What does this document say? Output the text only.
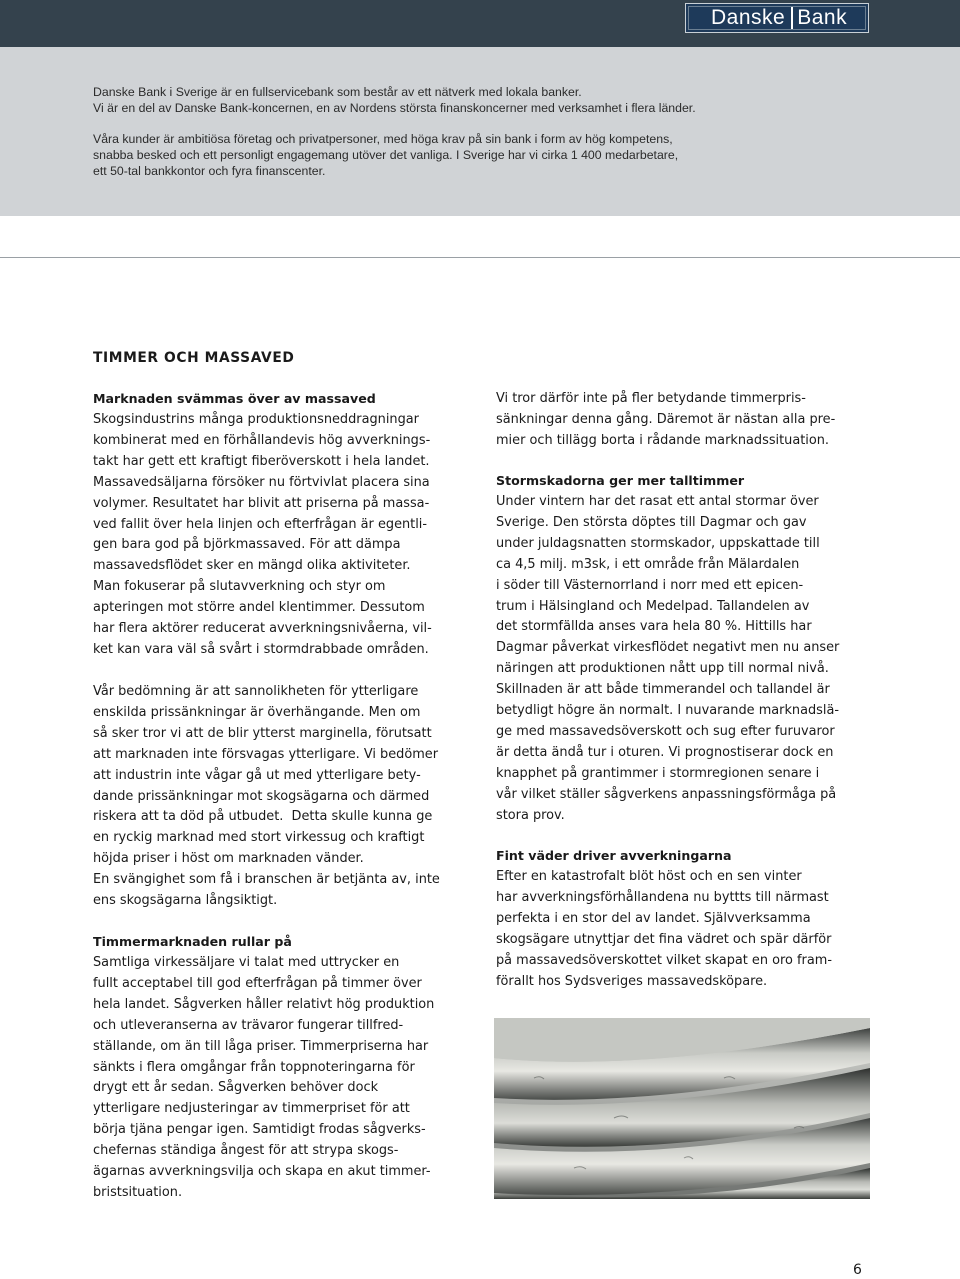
Danske Bank

Danske Bank i Sverige är en fullservicebank som består av ett nätverk med lokala banker.
Vi är en del av Danske Bank-koncernen, en av Nordens största finanskoncerner med verksamhet i flera länder.

Våra kunder är ambitiösa företag och privatpersoner, med höga krav på sin bank i form av hög kompetens,
snabba besked och ett personligt engagemang utöver det vanliga. I Sverige har vi cirka 1 400 medarbetare,
ett 50-tal bankkontor och fyra finanscenter.

TIMMER OCH MASSAVED
Marknaden svämmas över av massaved
Skogsindustrins många produktionsneddragningar
kombinerat med en förhållandevis hög avverknings-
takt har gett ett kraftigt fiberöverskott i hela landet.
Massavedsäljarna försöker nu förtvivlat placera sina
volymer. Resultatet har blivit att priserna på massa-
ved fallit över hela linjen och efterfrågan är egentli-
gen bara god på björkmassaved. För att dämpa
massavedsflödet sker en mängd olika aktiviteter.
Man fokuserar på slutavverkning och styr om
apteringen mot större andel klentimmer. Dessutom
har flera aktörer reducerat avverkningsnivåerna, vil-
ket kan vara väl så svårt i stormdrabbade områden.
Vår bedömning är att sannolikheten för ytterligare
enskilda prissänkningar är överhängande. Men om
så sker tror vi att de blir ytterst marginella, förutsatt
att marknaden inte försvagas ytterligare. Vi bedömer
att industrin inte vågar gå ut med ytterligare bety-
dande prissänkningar mot skogsägarna och därmed
riskera att ta död på utbudet.  Detta skulle kunna ge
en ryckig marknad med stort virkessug och kraftigt
höjda priser i höst om marknaden vänder.
En svängighet som få i branschen är betjänta av, inte
ens skogsägarna långsiktigt.
Timmermarknaden rullar på
Samtliga virkessäljare vi talat med uttrycker en
fullt acceptabel till god efterfrågan på timmer över
hela landet. Sågverken håller relativt hög produktion
och utleveranserna av trävaror fungerar tillfred-
ställande, om än till låga priser. Timmerpriserna har
sänkts i flera omgångar från toppnoteringarna för
drygt ett år sedan. Sågverken behöver dock
ytterligare nedjusteringar av timmerpriset för att
börja tjäna pengar igen. Samtidigt frodas sågverks-
chefernas ständiga ångest för att strypa skogs-
ägarnas avverkningsvilja och skapa en akut timmer-
bristsituation.
Vi tror därför inte på fler betydande timmerpris-
sänkningar denna gång. Däremot är nästan alla pre-
mier och tillägg borta i rådande marknadssituation.
Stormskadorna ger mer talltimmer
Under vintern har det rasat ett antal stormar över
Sverige. Den största döptes till Dagmar och gav
under juldagsnatten stormskador, uppskattade till
ca 4,5 milj. m3sk, i ett område från Mälardalen
i söder till Västernorrland i norr med ett epicen-
trum i Hälsingland och Medelpad. Tallandelen av
det stormfällda anses vara hela 80 %. Hittills har
Dagmar påverkat virkesflödet negativt men nu anser
näringen att produktionen nått upp till normal nivå.
Skillnaden är att både timmerandel och tallandel är
betydligt högre än normalt. I nuvarande marknadslä-
ge med massavedsöverskott och sug efter furuvaror
är detta ändå tur i oturen. Vi prognostiserar dock en
knapphet på grantimmer i stormregionen senare i
vår vilket ställer sågverkens anpassningsförmåga på
stora prov.
Fint väder driver avverkningarna
Efter en katastrofalt blöt höst och en sen vinter
har avverkningsförhållandena nu byttts till närmast
perfekta i en stor del av landet. Självverksamma
skogsägare utnyttjar det fina vädret och spär därför
på massavedsöverskottet vilket skapat en oro fram-
förallt hos Sydsveriges massavedsköpare.
6
